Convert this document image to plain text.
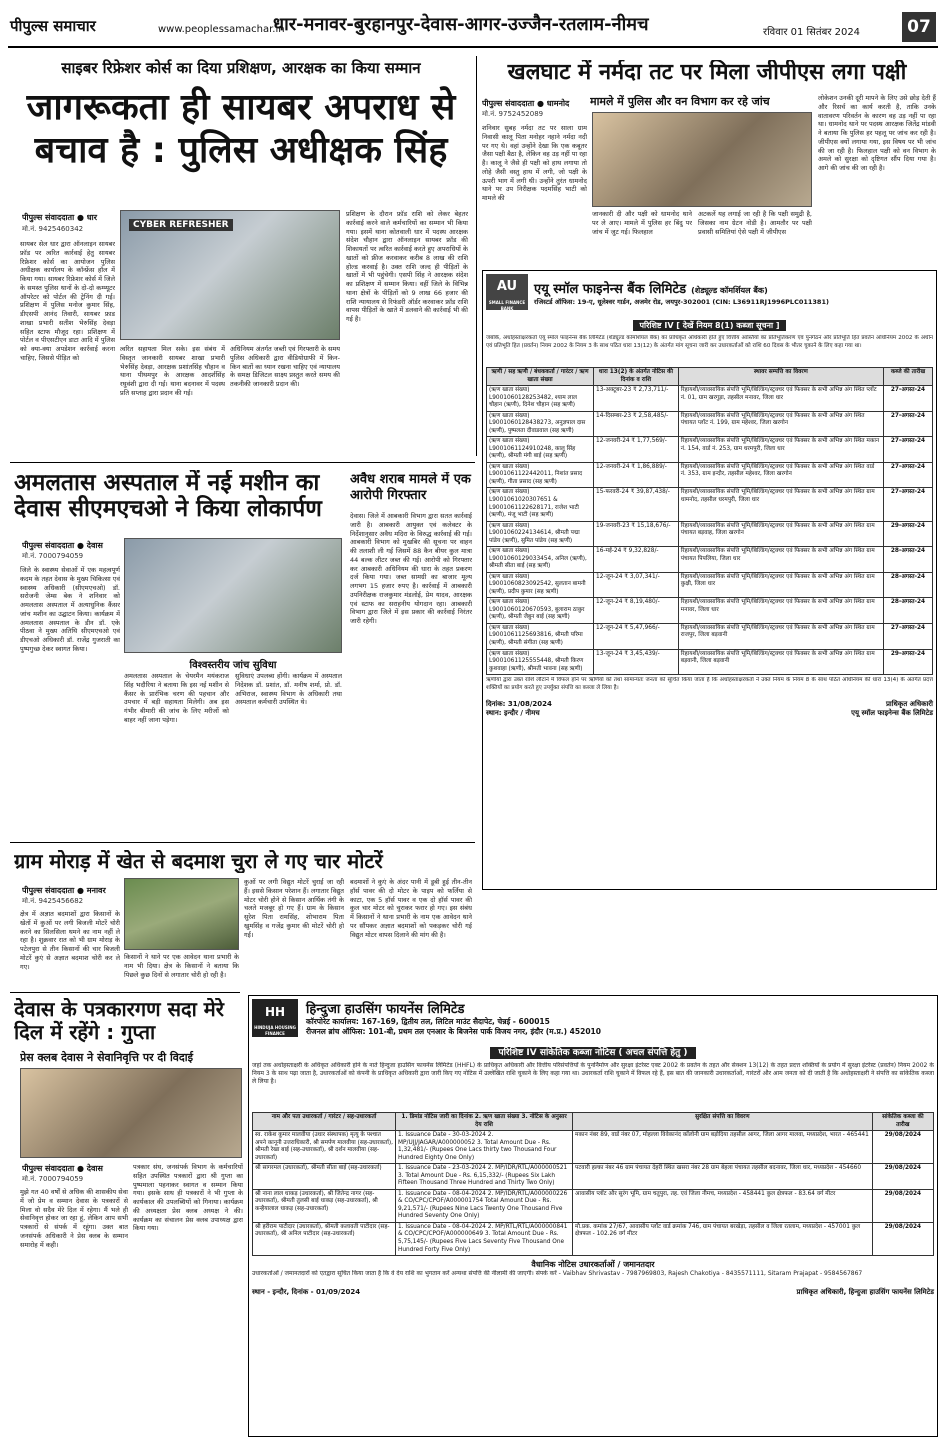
पीपुल्स समाचार	www.peoplessamachar.in
धार-मनावर-बुरहानपुर-देवास-आगर-उज्जैन-रतलाम-नीमच	रविवार 01 सितंबर 2024	07
साइबर रिफ्रेशर कोर्स का दिया प्रशिक्षण, आरक्षक का किया सम्मान
जागरूकता ही सायबर अपराध से बचाव है : पुलिस अधीक्षक सिंह
पीपुल्स संवाददाता ● धार
मो.नं. 9425460342
सायबर सेल धार द्वारा ऑनलाइन सायबर फ्रॉड पर त्वरित कार्रवाई हेतु सायबर रिफ्रेशर कोर्स का आयोजन पुलिस अधीक्षक कार्यालय के कॉन्फ्रेंस हॉल में किया गया। सायबर रिफ्रेशर कोर्स में जिले के समस्त पुलिस थानों के दो-दो कम्प्यूटर ऑपरेटर को पोर्टल की ट्रेनिंग दी गई। प्रशिक्षण में पुलिस मनोज कुमार सिंह, डीएसपी आनंद तिवारी, सायबर फ्राड शाखा प्रभारी सतीश भेरुसिंह देवड़ा सहित स्टाफ मौजूद रहा। प्रशिक्षण में पोर्टल व पीएसटीएन डाटा आदि में पुलिस को क्या-क्या अपडेशन कार्रवाई करना चाहिए, जिससे पीड़ित को
CYBER REFRESHER
त्वरित सहायता मिल सके। इस संबंध में विस्तृत जानकारी सायबर शाखा प्रभारी भेरुसिंह देवड़ा, आरक्षक प्रशांतसिंह चौहान व थाना पीथमपुर के आरक्षक आदर्शसिंह रघुवंशी द्वारा दी गई। थाना बदनावर में पदस्थ प्रति सप्ताह द्वारा प्रदान की गई।
अधिनियम अंतर्गत जब्ती एवं गिरफ्तारी के समय पुलिस अधिकारी द्वारा वीडियोग्राफी में किन-किन बातों का ध्यान रखना चाहिए एवं न्यायालय के समक्ष डिजिटल साक्ष्य प्रस्तुत करते समय की तकनीकी जानकारी प्रदान की।
प्रशिक्षण के दौरान फ्रॉड राशि को लेकर बेहतर कार्रवाई करने वाले कर्मचारियों का सम्मान भी किया गया। इसमें थाना कोतवाली धार में पदस्थ आरक्षक संदेश चौहान द्वारा ऑनलाइन सायबर फ्रॉड की शिकायतों पर त्वरित कार्रवाई करते हुए अपराधियों के खातों को फ्रीज करवाकर करीब 8 लाख की राशि होल्ड करवाई है। उक्त राशि जल्द ही पीड़ितों के खातों में भी पहुंचेगी। एसपी सिंह ने आरक्षक संदेश का प्रशिक्षण में सम्मान किया। वहीं जिले के विभिन्न थाना क्षेत्रों के पीड़ितों को 9 लाख 66 हजार की राशि न्यायालय से रिफंडरी ऑर्डर करवाकर फ्रॉड राशि वापस पीड़ितों के खाते में डलवाने की कार्रवाई भी की गई है।
खलघाट में नर्मदा तट पर मिला जीपीएस लगा पक्षी
मामले में पुलिस और वन विभाग कर रहे जांच
पीपुल्स संवाददाता ● धामनोद
मो.नं. 9752452089
शनिवार सुबह नर्मदा तट पर साला ग्राम निवासी कालू पिता मनोहर नहाने नर्मदा नदी पर गए थे। वहां उन्होंने देखा कि एक कबूतर जैसा पक्षी बैठा है, लेकिन वह उड़ नहीं पा रहा है। कालू ने जैसे ही पक्षी को हाथ लगाया तो लोहे जैसी वस्तु हाथ में लगी, जो पक्षी के ऊपरी भाग में लगी थी। उन्होंने तुरंत धामनोद थाने पर उप निरीक्षक पदमसिंह भाटी को मामले की
जानकारी दी और पक्षी को धामनोद थाने पर ले आए। मामले में पुलिस हर बिंदु पर जांच में जुट गई। फिलहाल
अटकलें यह लगाई जा रही है कि पक्षी समुद्री है, जिसका नाम ग्रेटन नोडी है। आमतौर पर पक्षी प्रवासी समितियां ऐसे पक्षी में जीपीएस
लोकेशन उनकी दूरी मापने के लिए उसे छोड़ देती हैं और रिसर्च का कार्य करती है, ताकि उनके वातावरण परिवर्तन के कारण वह उड़ नहीं पा रहा था। धामनोद थाने पर पदस्थ आरक्षक जितेंद्र मांडवी ने बताया कि पुलिस हर पहलू पर जांच कर रही है। जीपीएस क्यों लगाया गया, इस विषय पर भी जांच की जा रही है। फिलहाल पक्षी को वन विभाग के अमले को सुरक्षा को दृष्टिगत सौंप दिया गया है। आगे की जांच की जा रही है।
AU
SMALL FINANCE BANK
एयू स्मॉल फाइनेन्स बैंक लिमिटेड (शेड्यूल्ड कॉमर्शियल बैंक)
रजिस्टर्ड ऑफिस: 19-ए, धूलेश्वर गार्डन, अजमेर रोड, जयपुर-302001 (CIN: L36911RJ1996PLC011381)
परिशिष्ट IV [ देखें नियम 8(1) कब्जा सूचना ]
जबकि, अधोहस्ताक्षरकर्ता एयू स्मॉल फाइनेन्स बैंक लिमिटेड (शेड्यूल्ड कॉमर्शियल बैंक) का प्राधिकृत अधिकारी होते हुए वित्तीय आस्तियों का प्रतिभूतिकरण एवं पुनर्गठन और प्रतिभूति हित प्रवर्तन अधिनियम 2002 के अधीन एवं प्रतिभूति हित (प्रवर्तन) नियम 2002 के नियम 3 के साथ पठित धारा 13(12) के अंतर्गत मांग सूचना जारी कर उधारकर्ताओं को राशि 60 दिवस के भीतर चुकाने के लिए कहा गया था।
ऋणी / सह ऋणी / बंधककर्ता / गारंटर / ऋण खाता संख्या	धारा 13(2) के अंतर्गत नोटिस की दिनांक व राशि	स्थावर सम्पत्ति का विवरण	कब्जे की तारीख
(ऋण खाता संख्या) L9001060128253482, श्याम लाल चौहान (ऋणी), दिनेश चौहान (सह ऋणी)	13-अक्टूबर-23 ₹ 2,73,711/-	रिहायशी/व्यावसायिक संपत्ति भूमि/बिल्डिंग/स्ट्रक्चर एवं फिक्सर के सभी अभिन्न अंग स्थित प्लॉट नं. 01, ग्राम खरगुड़ा, तहसील मनावर, जिला धार	27-अगस्त-24
(ऋण खाता संख्या) L9001060128438273, अनुज्ञपाल दास (ऋणी), पुष्पलता दीवाडवाल (सह ऋणी)	14-दिसम्बर-23 ₹ 2,58,485/-	रिहायशी/व्यावसायिक संपत्ति भूमि/बिल्डिंग/स्ट्रक्चर एवं फिक्सर के सभी अभिन्न अंग स्थित पंचायत प्लॉट नं. 199, ग्राम महेश्वर, जिला खरगोन	27-अगस्त-24
(ऋण खाता संख्या) L9001061124910248, कालू सिंह (ऋणी), श्रीमती मंगी बाई (सह ऋणी)	12-जनवरी-24 ₹ 1,77,569/-	रिहायशी/व्यावसायिक संपत्ति भूमि/बिल्डिंग/स्ट्रक्चर एवं फिक्सर के सभी अभिन्न अंग स्थित मकान नं. 154, वार्ड नं. 253, ग्राम धरमपुरी, जिला धार	27-अगस्त-24
(ऋण खाता संख्या) L9001061122442011, निशांत प्रसाद (ऋणी), गीता प्रसाद (सह ऋणी)	12-जनवरी-24 ₹ 1,86,889/-	रिहायशी/व्यावसायिक संपत्ति भूमि/बिल्डिंग/स्ट्रक्चर एवं फिक्सर के सभी अभिन्न अंग स्थित वार्ड नं. 353, ग्राम इन्दौर, तहसील महेश्वर, जिला खरगोन	27-अगस्त-24
(ऋण खाता संख्या) L9001061020307651 & L9001061122628171, राजेश भाटी (ऋणी), मंजू भाटी (सह ऋणी)	15-फरवरी-24 ₹ 39,87,438/-	रिहायशी/व्यावसायिक संपत्ति भूमि/बिल्डिंग/स्ट्रक्चर एवं फिक्सर के सभी अभिन्न अंग स्थित ग्राम धामनोद, तहसील धरमपुरी, जिला धार	27-अगस्त-24
(ऋण खाता संख्या) L9001060224134614, श्रीमती पद्मा पांडेय (ऋणी), सुमित पांडेय (सह ऋणी)	19-जनवरी-23 ₹ 15,18,676/-	रिहायशी/व्यावसायिक संपत्ति भूमि/बिल्डिंग/स्ट्रक्चर एवं फिक्सर के सभी अभिन्न अंग स्थित ग्राम पंचायत बड़वाह, जिला खरगोन	29-अगस्त-24
(ऋण खाता संख्या) L9001060129033454, अनिल (ऋणी), श्रीमती सीता बाई (सह ऋणी)	16-मई-24 ₹ 9,32,828/-	रिहायशी/व्यावसायिक संपत्ति भूमि/बिल्डिंग/स्ट्रक्चर एवं फिक्सर के सभी अभिन्न अंग स्थित ग्राम पंचायत पिपलिया, जिला धार	28-अगस्त-24
(ऋण खाता संख्या) L9001060823092542, सुलतान बामनी (ऋणी), प्रदीप कुमार (सह ऋणी)	12-जून-24 ₹ 3,07,341/-	रिहायशी/व्यावसायिक संपत्ति भूमि/बिल्डिंग/स्ट्रक्चर एवं फिक्सर के सभी अभिन्न अंग स्थित ग्राम कुक्षी, जिला धार	28-अगस्त-24
(ऋण खाता संख्या) L9001060120670593, बुलाराम ठाकुर (ऋणी), श्रीमती जैबुन बाई (सह ऋणी)	12-जून-24 ₹ 8,19,480/-	रिहायशी/व्यावसायिक संपत्ति भूमि/बिल्डिंग/स्ट्रक्चर एवं फिक्सर के सभी अभिन्न अंग स्थित ग्राम मनावर, जिला धार	28-अगस्त-24
(ऋण खाता संख्या) L9001061125693816, श्रीमती परिमा (ऋणी), श्रीमती संगीता (सह ऋणी)	12-जून-24 ₹ 5,47,966/-	रिहायशी/व्यावसायिक संपत्ति भूमि/बिल्डिंग/स्ट्रक्चर एवं फिक्सर के सभी अभिन्न अंग स्थित ग्राम राजपुर, जिला बड़वानी	27-अगस्त-24
(ऋण खाता संख्या) L9001061125555448, श्रीमती किरण कुशवाहा (ऋणी), श्रीमती भावना (सह ऋणी)	13-जून-24 ₹ 3,45,439/-	रिहायशी/व्यावसायिक संपत्ति भूमि/बिल्डिंग/स्ट्रक्चर एवं फिक्सर के सभी अभिन्न अंग स्थित ग्राम बड़वानी, जिला बड़वानी	29-अगस्त-24
ऋणीयों द्वारा उक्त राशि लौटाने में विफल होने पर ऋणियों को तथा सामान्यतः जनता को सूचित किया जाता है कि अधोहस्ताक्षरकर्ता ने उक्त नियम के नियम 8 के साथ पठित अधिनियम की धारा 13(4) के अंतर्गत प्रदत्त शक्तियों का प्रयोग करते हुए उपर्युक्त संपत्ति का कब्जा ले लिया है।
दिनांक: 31/08/2024
स्थान: इन्दौर / नीमच
प्राधिकृत अधिकारी
एयू स्मॉल फाइनेन्स बैंक लिमिटेड
अमलतास अस्पताल में नई मशीन का देवास सीएमएचओ ने किया लोकार्पण
पीपुल्स संवाददाता ● देवास
मो.नं. 7000794059
जिले के स्वास्थ्य सेवाओं में एक महत्वपूर्ण कदम के तहत देवास के मुख्य चिकित्सा एवं स्वास्थ्य अधिकारी (सीएमएचओ) डॉ. सरोजनी जेम्स बेक ने शनिवार को अमलतास अस्पताल में अत्याधुनिक कैंसर जांच मशीन का उद्घाटन किया। कार्यक्रम में अमलतास अस्पताल के डीन डॉ. एके पीठवा ने मुख्य अतिथि सीएमएचओ एवं डीएचओ अधिकारी डॉ. राजेंद्र गुजराती का पुष्पगुच्छ देकर स्वागत किया।
विश्वस्तरीय जांच सुविधा
अमलतास अस्पताल के चेयरमैन मयंकराज सिंह भदौरिया ने बताया कि इस नई मशीन से कैंसर के प्रारंभिक चरण की पहचान और उपचार में बड़ी सहायता मिलेगी। अब इस गंभीर बीमारी की जांच के लिए मरीजों को बाहर नहीं जाना पड़ेगा।
सुविधाएं उपलब्ध होंगी। कार्यक्रम में अस्पताल निदेशक डॉ. प्रशांत, डॉ. मनीष शर्मा, प्रो. डॉ. अभिराज, स्वास्थ्य विभाग के अधिकारी तथा अस्पताल कर्मचारी उपस्थित थे।
अवैध शराब मामले में एक आरोपी गिरफ्तार
देवास। जिले में आबकारी विभाग द्वारा सतत कार्रवाई जारी है। आबकारी आयुक्त एवं कलेक्टर के निर्देशानुसार अवैध मदिरा के विरुद्ध कार्रवाई की गई। आबकारी विभाग को मुखबिर की सूचना पर वाहन की तलाशी ली गई जिसमें 88 कैन बीयर कुल मात्रा 44 बल्क लीटर जब्त की गई। आरोपी को गिरफ्तार कर आबकारी अधिनियम की धारा के तहत प्रकरण दर्ज किया गया। जब्त सामग्री का बाजार मूल्य लगभग 15 हजार रुपए है। कार्रवाई में आबकारी उपनिरीक्षक राजकुमार मंडलोई, प्रेम यादव, आरक्षक एवं स्टाफ का सराहनीय योगदान रहा। आबकारी विभाग द्वारा जिले में इस प्रकार की कार्रवाई निरंतर जारी रहेगी।
ग्राम मोराड़ में खेत से बदमाश चुरा ले गए चार मोटरें
पीपुल्स संवाददाता ● मनावर
मो.नं. 9425456682
क्षेत्र में अज्ञात बदमाशों द्वारा किसानों के खेतों में कुओं पर लगी बिजली मोटरें चोरी करने का सिलसिला थमने का नाम नहीं ले रहा है। शुक्रवार रात को भी ग्राम मोराड़ के पटेलपुरा से तीन किसानों की चार बिजली मोटरें कुएं से अज्ञात बदमाश चोरी कर ले गए।
किसानों ने थाने पर एक आवेदन थाना प्रभारी के नाम भी दिया। क्षेत्र के किसानों ने बताया कि पिछले कुछ दिनों से लगातार चोरी हो रही है।
कुओं पर लगी विद्युत मोटरें चुराई जा रही हैं। इससे किसान परेशान हैं। लगातार विद्युत मोटर चोरी होने से किसान आर्थिक तंगी के चलते मजबूर हो गए हैं। ग्राम के किसान सुरेश पिता रामसिंह, शोभाराम पिता खुमसिंह व गजेंद्र कुमार की मोटरें चोरी हो गईं।
बदमाशों ने कुएं के अंदर पानी में डूबी हुई तीन-तीन हॉर्स पावर की दो मोटर के पाइप को फर्लिया से काटा, एक 5 हॉर्स पावर व एक दो हॉर्स पावर की कुल चार मोटर को चुराकर फरार हो गए। इस संबंध में किसानों ने थाना प्रभारी के नाम एक आवेदन थाने पर सौंपकर अज्ञात बदमाशों को पकड़कर चोरी गई विद्युत मोटर वापस दिलाने की मांग की है।
देवास के पत्रकारगण सदा मेरे दिल में रहेंगे : गुप्ता
प्रेस क्लब देवास ने सेवानिवृत्ति पर दी विदाई
पीपुल्स संवाददाता ● देवास
मो.नं. 7000794059
मुझे गत 40 वर्षों से अधिक की शासकीय सेवा में जो प्रेम व सम्मान देवास के पत्रकारों से मिला वो सदैव मेरे दिल में रहेगा। मैं भले ही सेवानिवृत्त होकर जा रहा हूं, लेकिन आप सभी पत्रकारों से संपर्क में रहूंगा। उक्त बात जनसंपर्क अधिकारी ने प्रेस क्लब के सम्मान समारोह में कही।
पत्रकार संघ, जनसंपर्क विभाग के कर्मचारियों सहित उपस्थित पत्रकारों द्वारा श्री गुप्ता का पुष्पमाला पहनाकर स्वागत व सम्मान किया गया। इसके साथ ही पत्रकारों ने भी गुप्ता के कार्यकाल की उपलब्धियों को गिनाया। कार्यक्रम की अध्यक्षता प्रेस क्लब अध्यक्ष ने की। कार्यक्रम का संचालन प्रेस क्लब उपाध्यक्ष द्वारा किया गया।
HH
HINDUJA HOUSING FINANCE
हिन्दुजा हाउसिंग फायनेंस लिमिटेड
कॉरपोरेट कार्यालय: 167-169, द्वितीय तल, लिटिल माउंट सैदापेट, चेन्नई - 600015
रीजनल ब्रांच ऑफिस: 101-बी, प्रथम तल एनआर के बिजनेस पार्क विजय नगर, इंदौर (म.प्र.) 452010
परिशिष्ट IV सांकेतिक कब्जा नोटिस ( अचल संपत्ति हेतु )
जहां तक अधोहस्ताक्षरी के अधिकृत अधिकारी होने के नाते हिन्दुजा हाउसिंग फायनेंस लिमिटेड (HHFL) के प्राधिकृत अधिकारी और वित्तीय परिसंपत्तियों के पुनर्निर्माण और सुरक्षा इंटरेस्ट एक्ट 2002 के प्रवर्तन के तहत और सेक्शन 13(12) के तहत प्रदत्त शक्तियों के प्रयोग में सुरक्षा इंटरेस्ट (प्रवर्तन) नियम 2002 के नियम 3 के साथ पढ़ा जाता है, उधारकर्ताओं को कंपनी के प्राधिकृत अधिकारी द्वारा जारी किए गए नोटिस में उल्लेखित राशि चुकाने के लिए कहा गया था। उधारकर्ता राशि चुकाने में विफल रहे हैं, इस बात की जानकारी उधारकर्ताओं, गारंटरों और आम जनता को दी जाती है कि अधोहस्ताक्षरी ने संपत्ति का सांकेतिक कब्जा ले लिया है।
नाम और पता उधारकर्ता / गारंटर / सह-उधारकर्ता	1. डिमांड नोटिस जारी का दिनांक 2. ऋण खाता संख्या 3. नोटिस के अनुसार देय राशि	सुरक्षित संपत्ति का विवरण	सांकेतिक कब्जा की तारीख
स्व. राकेश कुमार मालवीया (उधार संस्थापक) मृत्यु के पश्चात अपने कानूनी उत्तराधिकारी, श्री समर्पण मालवीया (सह-उधारकर्ता), श्रीमती रेखा बाई (सह-उधारकर्ता), श्री दर्शन मालवीया (सह-उधारकर्ता)	1. Issuance Date - 30-03-2024 2. MP/UJJ/JAGAR/A000000052 3. Total Amount Due - Rs. 1,32,481/- (Rupees One Lacs thirty two Thousand Four Hundred Eighty One Only)	मकान नंबर 89, वार्ड नंबर 07, मोहल्ला विवेकानंद कॉलोनी ग्राम बड़ोदिया तहसील आगर, जिला आगर मालवा, मध्यप्रदेश, भारत - 465441	29/08/2024
श्री सागरमल (उधारकर्ता), श्रीमती सीता बाई (सह-उधारकर्ता)	1. Issuance Date - 23-03-2024 2. MP/IDR/RTL/A000000521 3. Total Amount Due - Rs. 6,15,332/- (Rupees Six Lakh Fifteen Thousand Three Hundred and Thirty Two Only)	पटवारी हल्का नंबर 46 ग्राम पंचायत देहरी स्थित खसरा नंबर 28 ग्राम बेहला पंचायत तहसील बदनावर, जिला धार, मध्यप्रदेश - 454660	29/08/2024
श्री नाना लाल धाकड़ (उधारकर्ता), श्री जितेन्द्र नागर (सह-उधारकर्ता), श्रीमती तुलसी बाई धाकड़ (सह-उधारकर्ता), श्री कन्हैयालाल धाकड़ (सह-उधारकर्ता)	1. Issuance Date - 08-04-2024 2. MP/IDR/RTL/A000000226 & CO/CPC/CPOF/A000001754 Total Amount Due - Rs. 9,21,571/- (Rupees Nine Lacs Twenty One Thousand Five Hundred Seventy One Only)	आवासीय प्लॉट और सुरंग भूमि, ग्राम चतुपुरा, तह. एवं जिला नीमच, मध्यप्रदेश - 458441 कुल क्षेत्रफल - 83.64 वर्ग मीटर	29/08/2024
श्री हरीराम पाटीदार (उधारकर्ता), श्रीमती कलावती पाटीदार (सह-उधारकर्ता), श्री अनिल पाटीदार (सह-उधारकर्ता)	1. Issuance Date - 08-04-2024 2. MP/RTL/RTL/A000000841 & CO/CPC/CPOF/A000000649 3. Total Amount Due - Rs. 5,75,145/- (Rupees Five Lacs Seventy Five Thousand One Hundred Forty Five Only)	मौ.प्रक. कमांक 27/67, आवासीय प्लॉट वार्ड क्रमांक 746, ग्राम पंचायत बरखेड़ा, तहसील व जिला रतलाम, मध्यप्रदेश - 457001 कुल क्षेत्रफल - 102.26 वर्ग मीटर	29/08/2024
वैधानिक नोटिस उधारकर्ताओं / जमानतदार
उधारकर्ताओं / जमानतदारों को एतद्वारा सूचित किया जाता है कि वे देय राशि का भुगतान करें अन्यथा संपत्ति की नीलामी की जाएगी। संपर्क करें - Vaibhav Shrivastav - 7987969803, Rajesh Chakotiya - 8435571111, Sitaram Prajapat - 9584567867
स्थान - इन्दौर, दिनांक - 01/09/2024	प्राधिकृत अधिकारी, हिन्दुजा हाउसिंग फायनेंस लिमिटेड
